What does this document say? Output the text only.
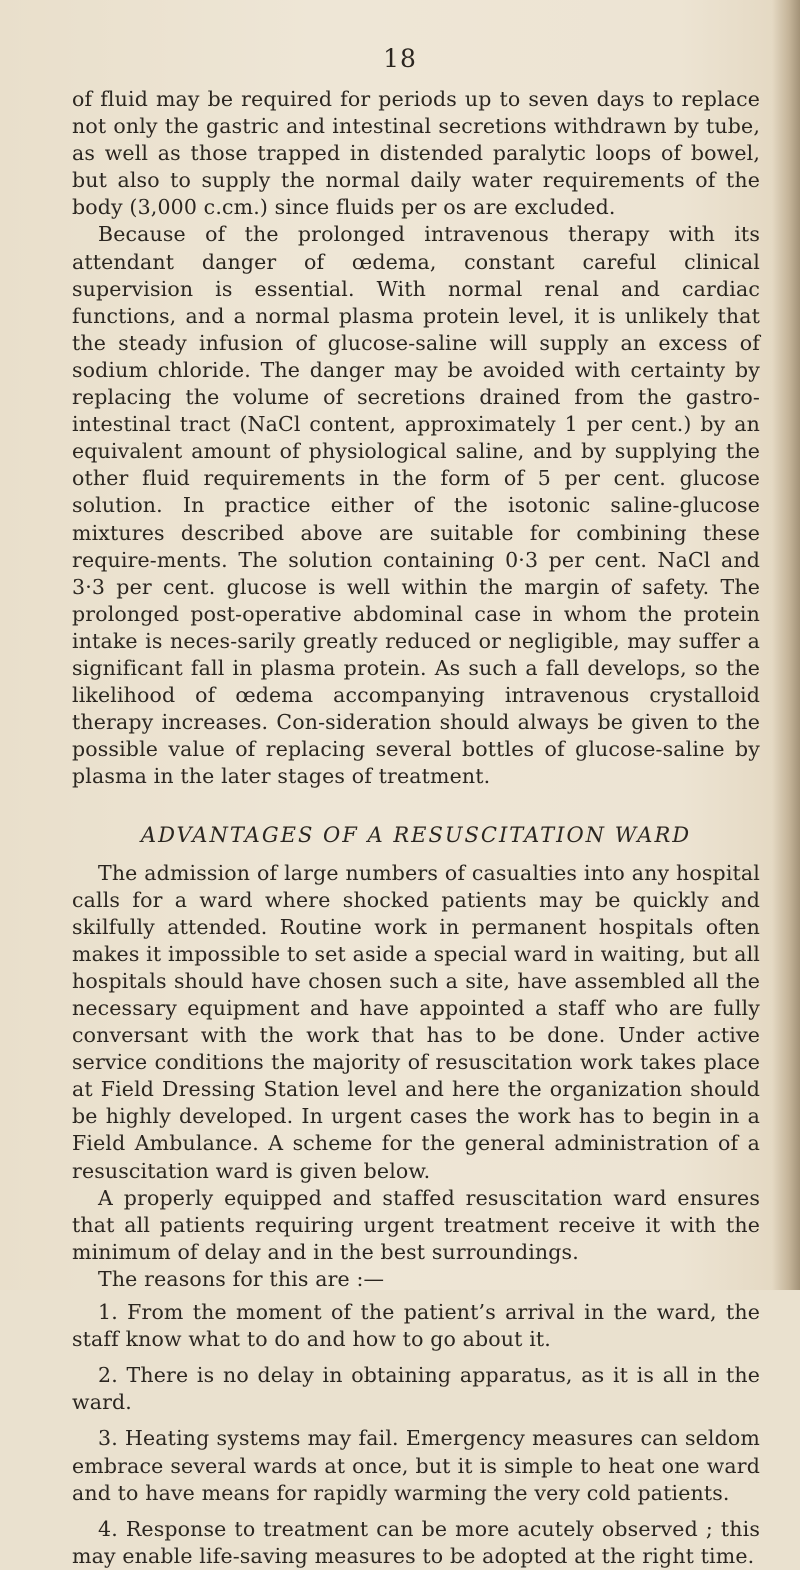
18

of fluid may be required for periods up to seven days to replace not only the gastric and intestinal secretions withdrawn by tube, as well as those trapped in distended paralytic loops of bowel, but also to supply the normal daily water requirements of the body (3,000 c.cm.) since fluids per os are excluded.

Because of the prolonged intravenous therapy with its attendant danger of œdema, constant careful clinical supervision is essential. With normal renal and cardiac functions, and a normal plasma protein level, it is unlikely that the steady infusion of glucose-saline will supply an excess of sodium chloride. The danger may be avoided with certainty by replacing the volume of secretions drained from the gastro-intestinal tract (NaCl content, approximately 1 per cent.) by an equivalent amount of physiological saline, and by supplying the other fluid requirements in the form of 5 per cent. glucose solution. In practice either of the isotonic saline-glucose mixtures described above are suitable for combining these require-ments. The solution containing 0·3 per cent. NaCl and 3·3 per cent. glucose is well within the margin of safety. The prolonged post-operative abdominal case in whom the protein intake is neces-sarily greatly reduced or negligible, may suffer a significant fall in plasma protein. As such a fall develops, so the likelihood of œdema accompanying intravenous crystalloid therapy increases. Con-sideration should always be given to the possible value of replacing several bottles of glucose-saline by plasma in the later stages of treatment.

ADVANTAGES OF A RESUSCITATION WARD

The admission of large numbers of casualties into any hospital calls for a ward where shocked patients may be quickly and skilfully attended. Routine work in permanent hospitals often makes it impossible to set aside a special ward in waiting, but all hospitals should have chosen such a site, have assembled all the necessary equipment and have appointed a staff who are fully conversant with the work that has to be done. Under active service conditions the majority of resuscitation work takes place at Field Dressing Station level and here the organization should be highly developed. In urgent cases the work has to begin in a Field Ambulance. A scheme for the general administration of a resuscitation ward is given below.

A properly equipped and staffed resuscitation ward ensures that all patients requiring urgent treatment receive it with the minimum of delay and in the best surroundings.

The reasons for this are :—

1. From the moment of the patient’s arrival in the ward, the staff know what to do and how to go about it.

2. There is no delay in obtaining apparatus, as it is all in the ward.

3. Heating systems may fail. Emergency measures can seldom embrace several wards at once, but it is simple to heat one ward and to have means for rapidly warming the very cold patients.

4. Response to treatment can be more acutely observed ; this may enable life-saving measures to be adopted at the right time.
